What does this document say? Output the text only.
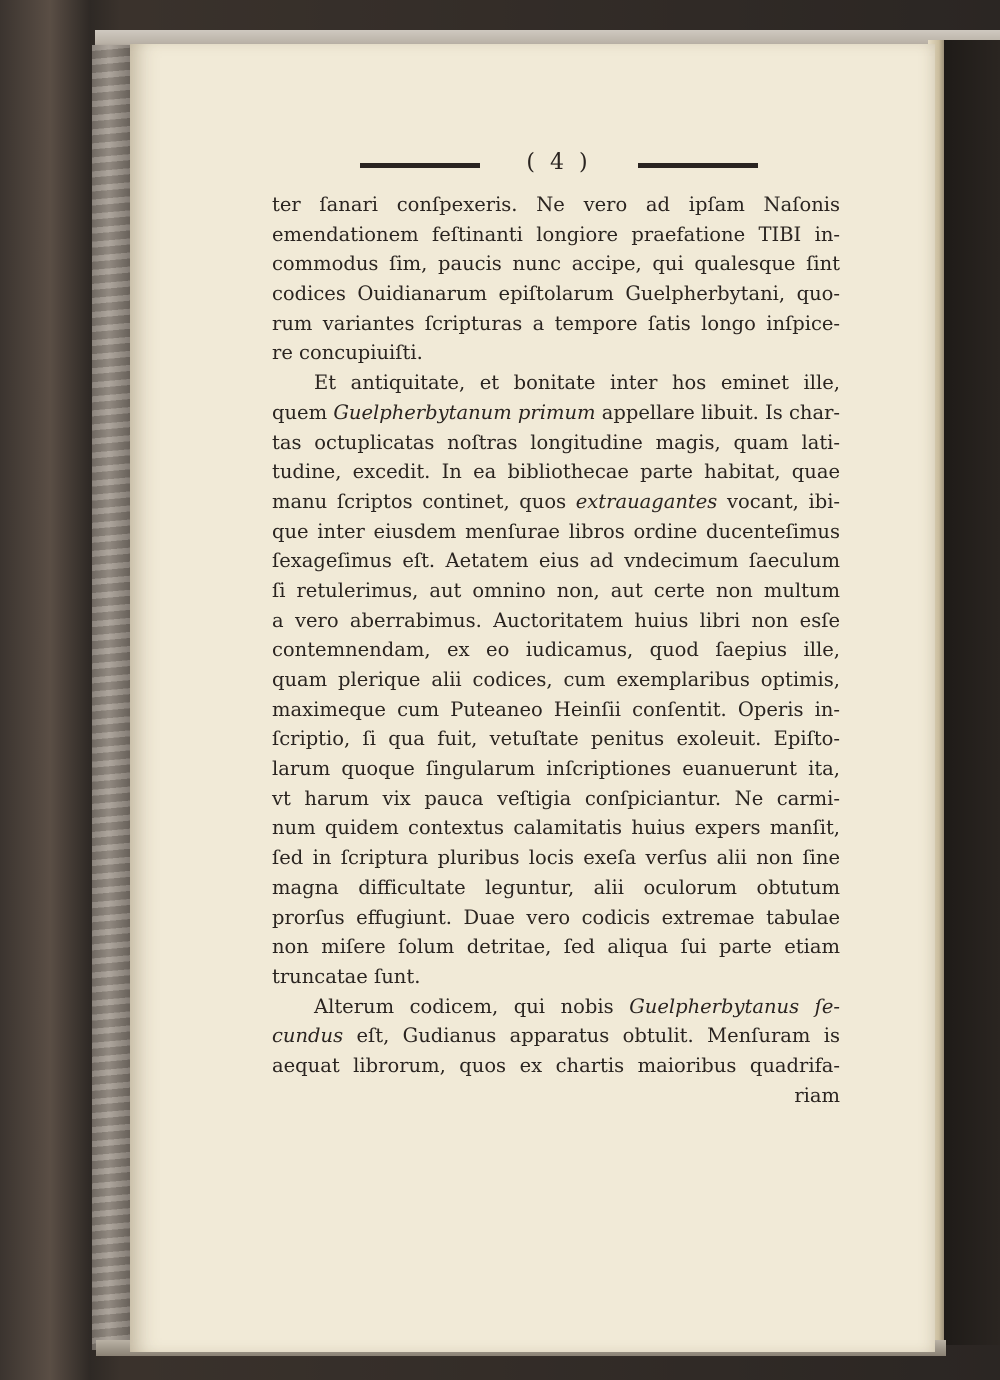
( 4 )
ter ſanari conſpexeris. Ne vero ad ipſam Naſonis
emendationem feſtinanti longiore praefatione TIBI in-
commodus ſim, paucis nunc accipe, qui qualesque ſint
codices Ouidianarum epiſtolarum Guelpherbytani, quo-
rum variantes ſcripturas a tempore ſatis longo inſpice-
re concupiuiſti.
Et antiquitate, et bonitate inter hos eminet ille,
quem Guelpherbytanum primum appellare libuit. Is char-
tas octuplicatas noſtras longitudine magis, quam lati-
tudine, excedit. In ea bibliothecae parte habitat, quae
manu ſcriptos continet, quos extrauagantes vocant, ibi-
que inter eiusdem menſurae libros ordine ducenteſimus
ſexageſimus eſt. Aetatem eius ad vndecimum ſaeculum
ſi retulerimus, aut omnino non, aut certe non multum
a vero aberrabimus. Auctoritatem huius libri non esſe
contemnendam, ex eo iudicamus, quod ſaepius ille,
quam plerique alii codices, cum exemplaribus optimis,
maximeque cum Puteaneo Heinſii conſentit. Operis in-
ſcriptio, ſi qua fuit, vetuſtate penitus exoleuit. Epiſto-
larum quoque ſingularum inſcriptiones euanuerunt ita,
vt harum vix pauca veſtigia conſpiciantur. Ne carmi-
num quidem contextus calamitatis huius expers manſit,
ſed in ſcriptura pluribus locis exeſa verſus alii non ſine
magna difficultate leguntur, alii oculorum obtutum
prorſus effugiunt. Duae vero codicis extremae tabulae
non miſere ſolum detritae, ſed aliqua ſui parte etiam
truncatae ſunt.
Alterum codicem, qui nobis Guelpherbytanus ſe-
cundus eſt, Gudianus apparatus obtulit. Menſuram is
aequat librorum, quos ex chartis maioribus quadrifa-
riam
